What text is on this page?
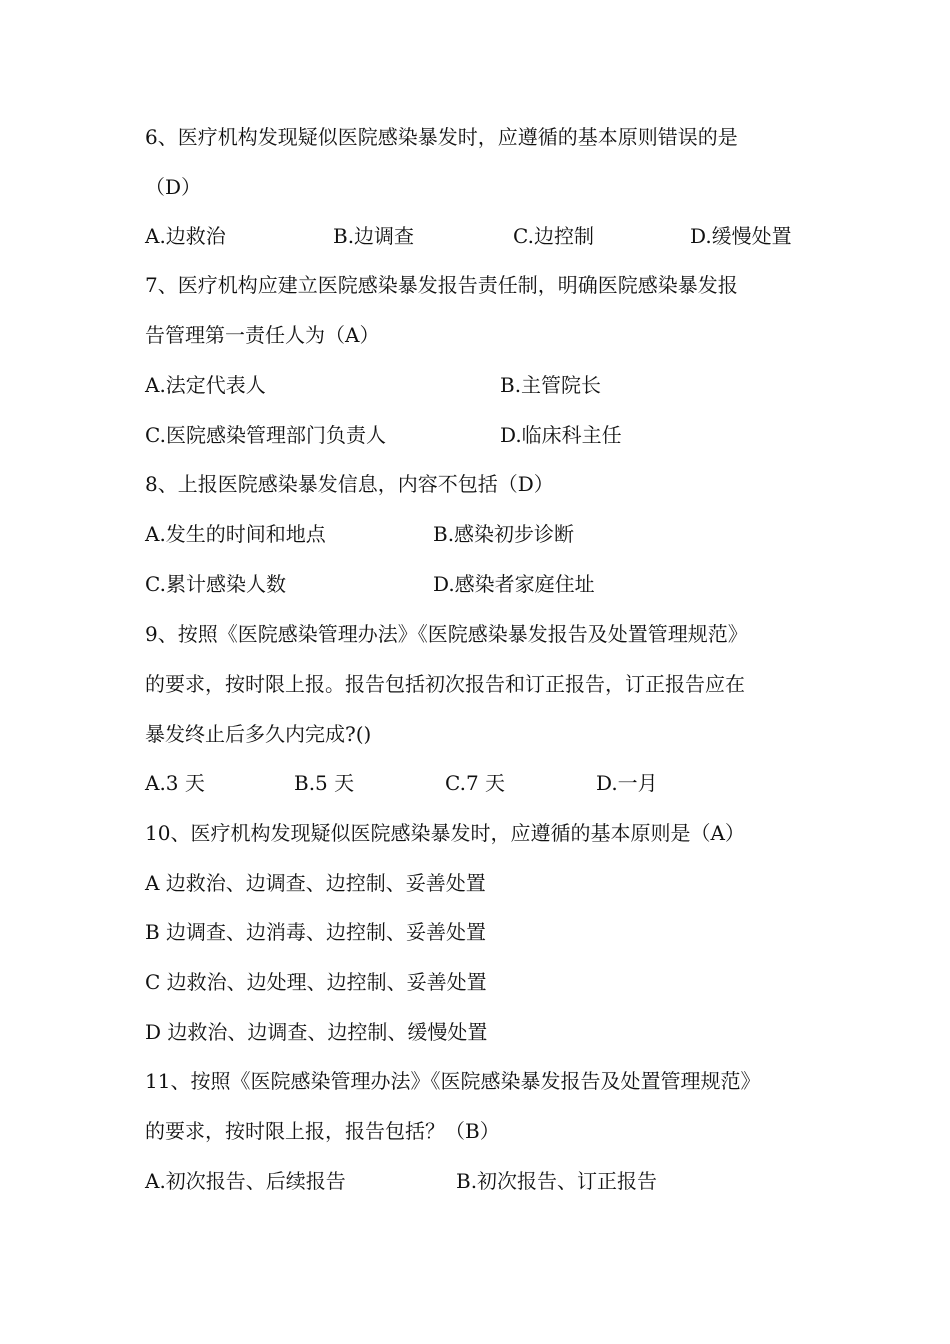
6、医疗机构发现疑似医院感染暴发时，应遵循的基本原则错误的是
（D）
A.边救治	B.边调查	C.边控制	D.缓慢处置
7、医疗机构应建立医院感染暴发报告责任制，明确医院感染暴发报
告管理第一责任人为（A）
A.法定代表人	B.主管院长
C.医院感染管理部门负责人	D.临床科主任
8、上报医院感染暴发信息，内容不包括（D）
A.发生的时间和地点	B.感染初步诊断
C.累计感染人数	D.感染者家庭住址
9、按照《医院感染管理办法》《医院感染暴发报告及处置管理规范》
的要求，按时限上报。报告包括初次报告和订正报告，订正报告应在
暴发终止后多久内完成?()
A.3 天	B.5 天	C.7 天	D.一月
10、医疗机构发现疑似医院感染暴发时，应遵循的基本原则是（A）
A 边救治、边调查、边控制、妥善处置
B 边调查、边消毒、边控制、妥善处置
C 边救治、边处理、边控制、妥善处置
D 边救治、边调查、边控制、缓慢处置
11、按照《医院感染管理办法》《医院感染暴发报告及处置管理规范》
的要求，按时限上报，报告包括？（B）
A.初次报告、后续报告	B.初次报告、订正报告
